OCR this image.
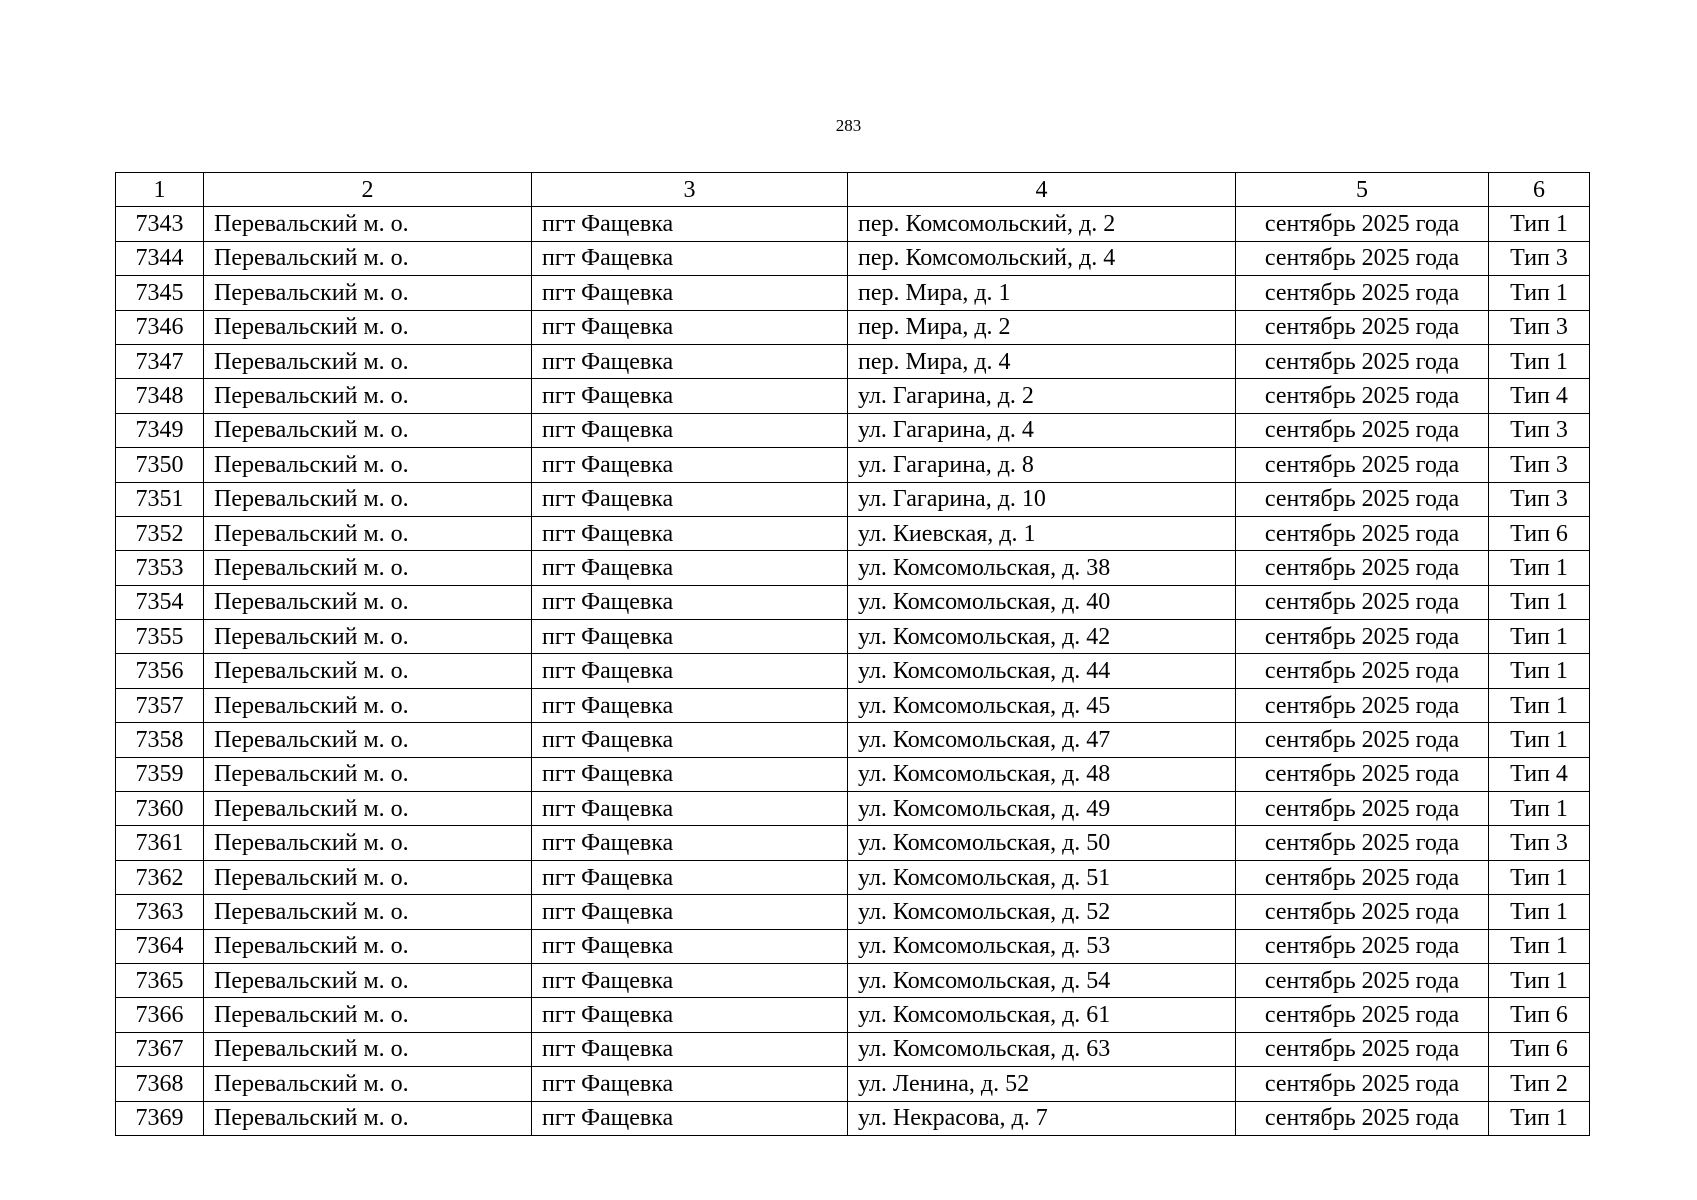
283
1	2	3	4	5	6
7343	Перевальский м. о.	пгт Фащевка	пер. Комсомольский, д. 2	сентябрь 2025 года	Тип 1
7344	Перевальский м. о.	пгт Фащевка	пер. Комсомольский, д. 4	сентябрь 2025 года	Тип 3
7345	Перевальский м. о.	пгт Фащевка	пер. Мира, д. 1	сентябрь 2025 года	Тип 1
7346	Перевальский м. о.	пгт Фащевка	пер. Мира, д. 2	сентябрь 2025 года	Тип 3
7347	Перевальский м. о.	пгт Фащевка	пер. Мира, д. 4	сентябрь 2025 года	Тип 1
7348	Перевальский м. о.	пгт Фащевка	ул. Гагарина, д. 2	сентябрь 2025 года	Тип 4
7349	Перевальский м. о.	пгт Фащевка	ул. Гагарина, д. 4	сентябрь 2025 года	Тип 3
7350	Перевальский м. о.	пгт Фащевка	ул. Гагарина, д. 8	сентябрь 2025 года	Тип 3
7351	Перевальский м. о.	пгт Фащевка	ул. Гагарина, д. 10	сентябрь 2025 года	Тип 3
7352	Перевальский м. о.	пгт Фащевка	ул. Киевская, д. 1	сентябрь 2025 года	Тип 6
7353	Перевальский м. о.	пгт Фащевка	ул. Комсомольская, д. 38	сентябрь 2025 года	Тип 1
7354	Перевальский м. о.	пгт Фащевка	ул. Комсомольская, д. 40	сентябрь 2025 года	Тип 1
7355	Перевальский м. о.	пгт Фащевка	ул. Комсомольская, д. 42	сентябрь 2025 года	Тип 1
7356	Перевальский м. о.	пгт Фащевка	ул. Комсомольская, д. 44	сентябрь 2025 года	Тип 1
7357	Перевальский м. о.	пгт Фащевка	ул. Комсомольская, д. 45	сентябрь 2025 года	Тип 1
7358	Перевальский м. о.	пгт Фащевка	ул. Комсомольская, д. 47	сентябрь 2025 года	Тип 1
7359	Перевальский м. о.	пгт Фащевка	ул. Комсомольская, д. 48	сентябрь 2025 года	Тип 4
7360	Перевальский м. о.	пгт Фащевка	ул. Комсомольская, д. 49	сентябрь 2025 года	Тип 1
7361	Перевальский м. о.	пгт Фащевка	ул. Комсомольская, д. 50	сентябрь 2025 года	Тип 3
7362	Перевальский м. о.	пгт Фащевка	ул. Комсомольская, д. 51	сентябрь 2025 года	Тип 1
7363	Перевальский м. о.	пгт Фащевка	ул. Комсомольская, д. 52	сентябрь 2025 года	Тип 1
7364	Перевальский м. о.	пгт Фащевка	ул. Комсомольская, д. 53	сентябрь 2025 года	Тип 1
7365	Перевальский м. о.	пгт Фащевка	ул. Комсомольская, д. 54	сентябрь 2025 года	Тип 1
7366	Перевальский м. о.	пгт Фащевка	ул. Комсомольская, д. 61	сентябрь 2025 года	Тип 6
7367	Перевальский м. о.	пгт Фащевка	ул. Комсомольская, д. 63	сентябрь 2025 года	Тип 6
7368	Перевальский м. о.	пгт Фащевка	ул. Ленина, д. 52	сентябрь 2025 года	Тип 2
7369	Перевальский м. о.	пгт Фащевка	ул. Некрасова, д. 7	сентябрь 2025 года	Тип 1
